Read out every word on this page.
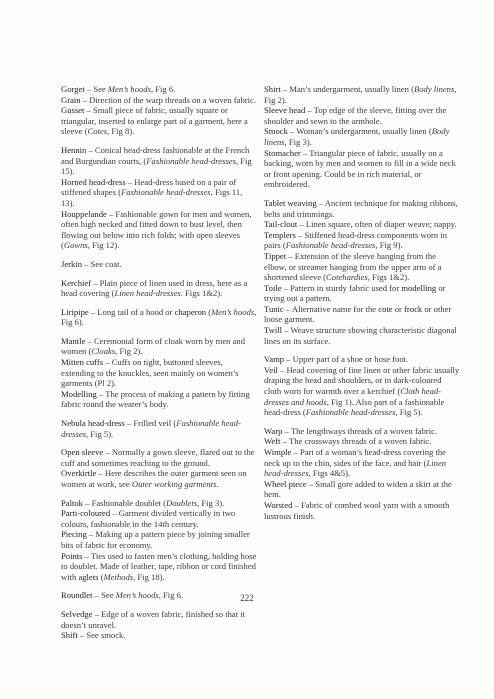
Gorget – See Men’s hoods, Fig 6.

Grain – Direction of the warp threads on a woven fabric.

Gusset – Small piece of fabric, usually square or triangular, inserted to enlarge part of a garment, here a sleeve (Cotes, Fig 8).

Hennin – Conical head-dress fashionable at the French and Burgundian courts, (Fashionable head-dresses, Fig 15).

Horned head-dress – Head-dress based on a pair of stiffened shapes (Fashionable head-dresses, Figs 11, 13).

Houppelande – Fashionable gown for men and women, often high necked and fitted down to bust level, then flowing out below into rich folds; with open sleeves (Gowns, Fig 12).

Jerkin – See coat.

Kerchief – Plain piece of linen used in dress, here as a head covering (Linen head-dresses. Figs 1&2).

Liripipe – Long tail of a hood or chaperon (Men’s hoods, Fig 6).

Mantle – Ceremonial form of cloak worn by men and women (Cloaks, Fig 2).

Mitten cuffs – Cuffs on tight, buttoned sleeves, extending to the knuckles, seen mainly on women’s garments (Pl 2).

Modelling – The process of making a pattern by fitting fabric round the wearer’s body.

Nebula head-dress – Frilled veil (Fashionable head-dresses, Fig 5).

Open sleeve – Normally a gown sleeve, flared out to the cuff and sometimes reaching to the ground.

Overkirtle – Here describes the outer garment seen on women at work, see Outer working garments.

Paltok – Fashionable doublet (Doublets, Fig 3).

Parti-coloured – Garment divided vertically in two colours, fashionable in the 14th century.

Piecing – Making up a pattern piece by joining smaller bits of fabric for economy.

Points – Ties used to fasten men’s clothing, holding hose to doublet. Made of leather, tape, ribbon or cord finished with aglets (Methods, Fig 18).

Roundlet – See Men’s hoods, Fig 6.

Selvedge – Edge of a woven fabric, finished so that it doesn’t unravel.

Shift – See smock.

Shirt – Man’s undergarment, usually linen (Body linens, Fig 2).

Sleeve head – Top edge of the sleeve, fitting over the shoulder and sewn to the armhole.

Smock – Woman’s undergarment, usually linen (Body linens, Fig 3).

Stomacher – Triangular piece of fabric, usually on a backing, worn by men and women to fill in a wide neck or front opening. Could be in rich material, or embroidered.

Tablet weaving – Ancient technique for making ribbons, belts and trimmings.

Tail-clout – Linen square, often of diaper weave; nappy.

Templers – Stiffened head-dress components worn in pairs (Fashionable head-dresses, Fig 9).

Tippet – Extension of the sleeve hanging from the elbow, or streamer hanging from the upper arm of a shortened sleeve (Cotehardies, Figs 1&2).

Toile – Pattern in sturdy fabric used for modelling or trying out a pattern.

Tunic – Alternative name for the cote or frock or other loose garment.

Twill – Weave structure showing characteristic diagonal lines on its surface.

Vamp – Upper part of a shoe or hose foot.

Veil – Head covering of fine linen or other fabric usually draping the head and shoulders, or in dark-coloured cloth worn for warmth over a kerchief (Cloth head-dresses and hoods, Fig 1). Also part of a fashionable head-dress (Fashionable head-dresses, Fig 5).

Warp – The lengthways threads of a woven fabric.

Weft – The crossways threads of a woven fabric.

Wimple – Part of a woman’s head-dress covering the neck up to the chin, sides of the face, and hair (Linen head-dresses, Figs 4&5).

Wheel piece – Small gore added to widen a skirt at the hem.

Worsted – Fabric of combed wool yarn with a smooth lustrous finish.

222
